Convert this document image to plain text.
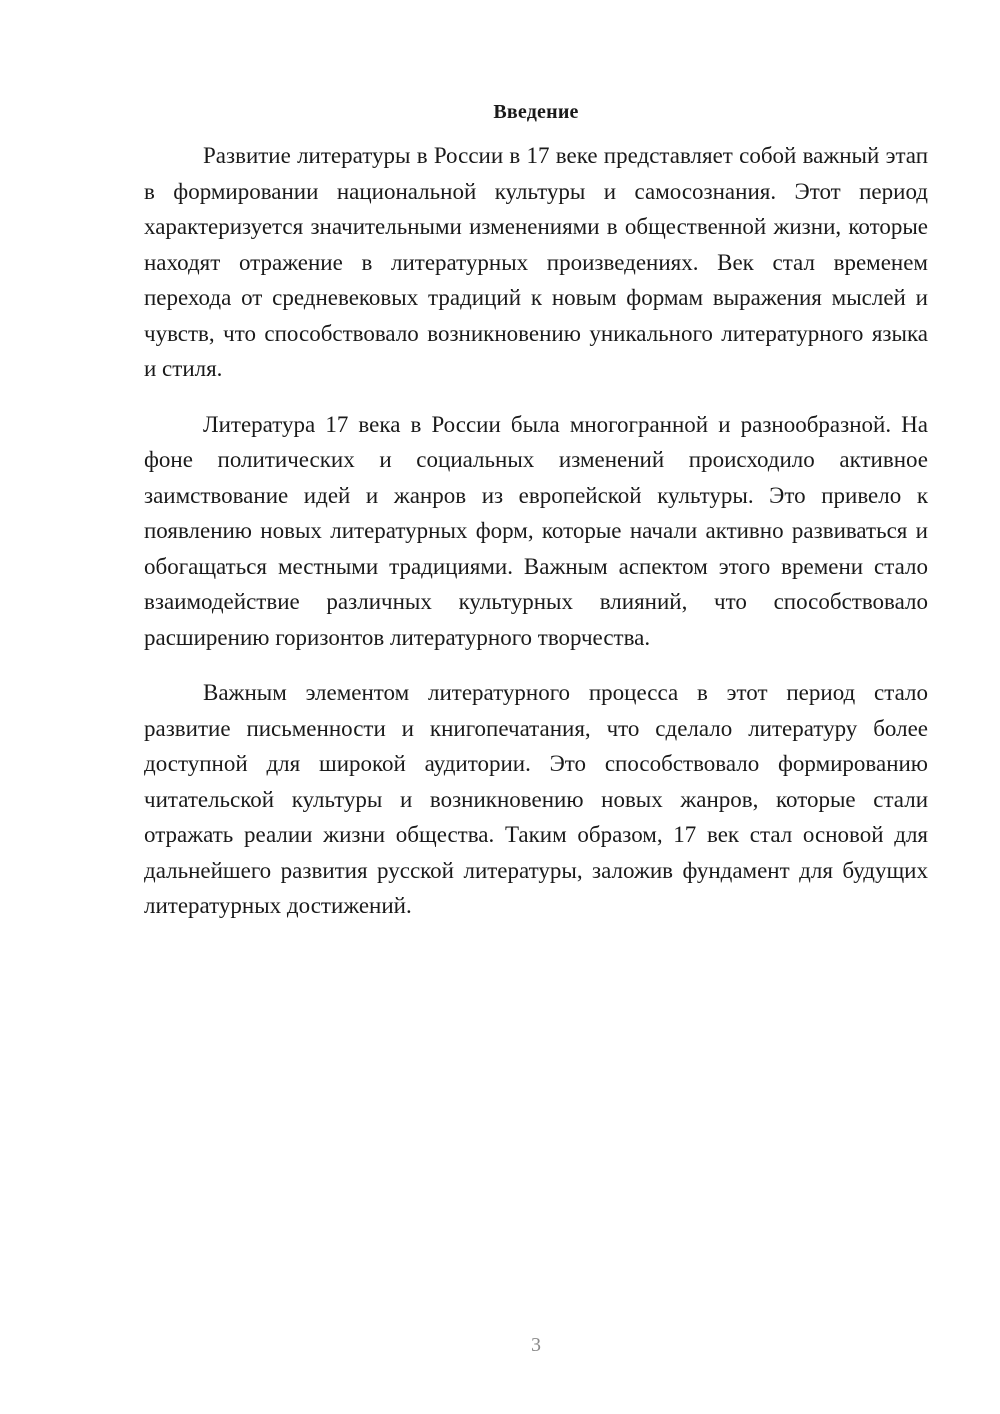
Введение

Развитие литературы в России в 17 веке представляет собой важный этап в формировании национальной культуры и самосознания. Этот период характеризуется значительными изменениями в общественной жизни, которые находят отражение в литературных произведениях. Век стал временем перехода от средневековых традиций к новым формам выражения мыслей и чувств, что способствовало возникновению уникального литературного языка и стиля.

Литература 17 века в России была многогранной и разнообразной. На фоне политических и социальных изменений происходило активное заимствование идей и жанров из европейской культуры. Это привело к появлению новых литературных форм, которые начали активно развиваться и обогащаться местными традициями. Важным аспектом этого времени стало взаимодействие различных культурных влияний, что способствовало расширению горизонтов литературного творчества.

Важным элементом литературного процесса в этот период стало развитие письменности и книгопечатания, что сделало литературу более доступной для широкой аудитории. Это способствовало формированию читательской культуры и возникновению новых жанров, которые стали отражать реалии жизни общества. Таким образом, 17 век стал основой для дальнейшего развития русской литературы, заложив фундамент для будущих литературных достижений.

3
